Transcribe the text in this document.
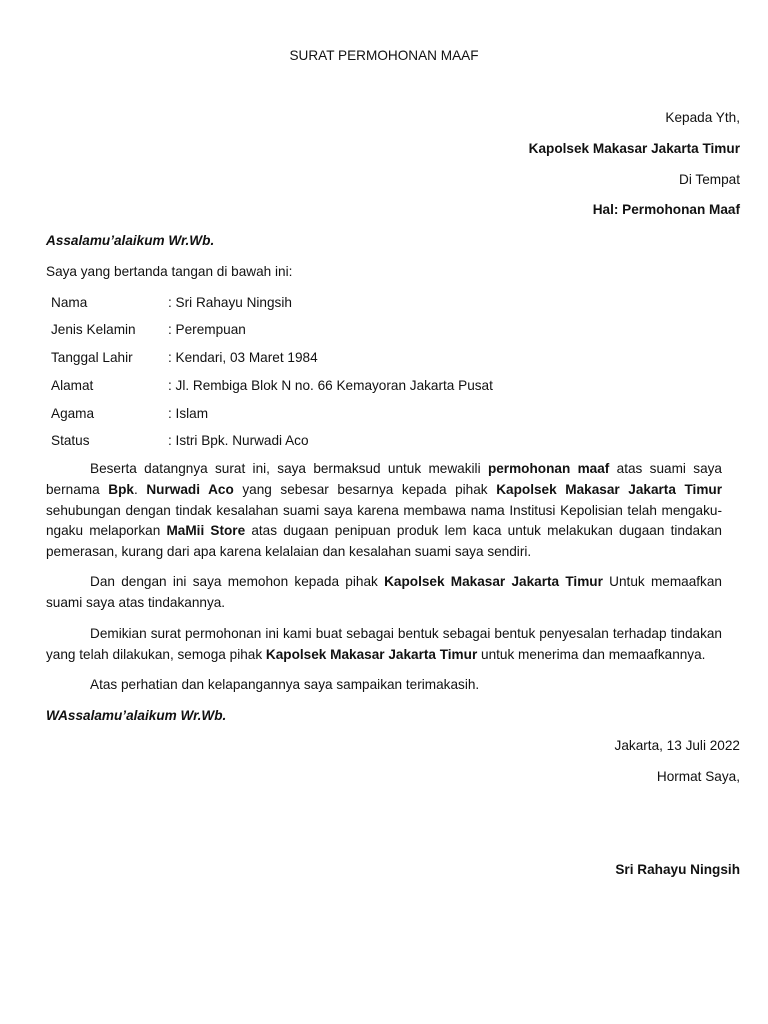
SURAT PERMOHONAN MAAF
Kepada Yth,
Kapolsek Makasar Jakarta Timur
Di Tempat
Hal: Permohonan Maaf
Assalamu’alaikum Wr.Wb.
Saya yang bertanda tangan di bawah ini:
Nama	: Sri Rahayu Ningsih
Jenis Kelamin : Perempuan
Tanggal Lahir	: Kendari, 03 Maret 1984
Alamat	: Jl. Rembiga Blok N no. 66 Kemayoran Jakarta Pusat
Agama	: Islam
Status	: Istri Bpk. Nurwadi Aco
Beserta datangnya surat ini, saya bermaksud untuk mewakili permohonan maaf atas suami saya bernama Bpk. Nurwadi Aco yang sebesar besarnya kepada pihak Kapolsek Makasar Jakarta Timur sehubungan dengan tindak kesalahan suami saya karena membawa nama Institusi Kepolisian telah mengaku-ngaku melaporkan MaMii Store atas dugaan penipuan produk lem kaca untuk melakukan dugaan tindakan pemerasan, kurang dari apa karena kelalaian dan kesalahan suami saya sendiri.
Dan dengan ini saya memohon kepada pihak Kapolsek Makasar Jakarta Timur Untuk memaafkan suami saya atas tindakannya.
Demikian surat permohonan ini kami buat sebagai bentuk sebagai bentuk penyesalan terhadap tindakan yang telah dilakukan, semoga pihak Kapolsek Makasar Jakarta Timur untuk menerima dan memaafkannya.
Atas perhatian dan kelapangannya saya sampaikan terimakasih.
WAssalamu’alaikum Wr.Wb.
Jakarta, 13 Juli 2022
Hormat Saya,
Sri Rahayu Ningsih
